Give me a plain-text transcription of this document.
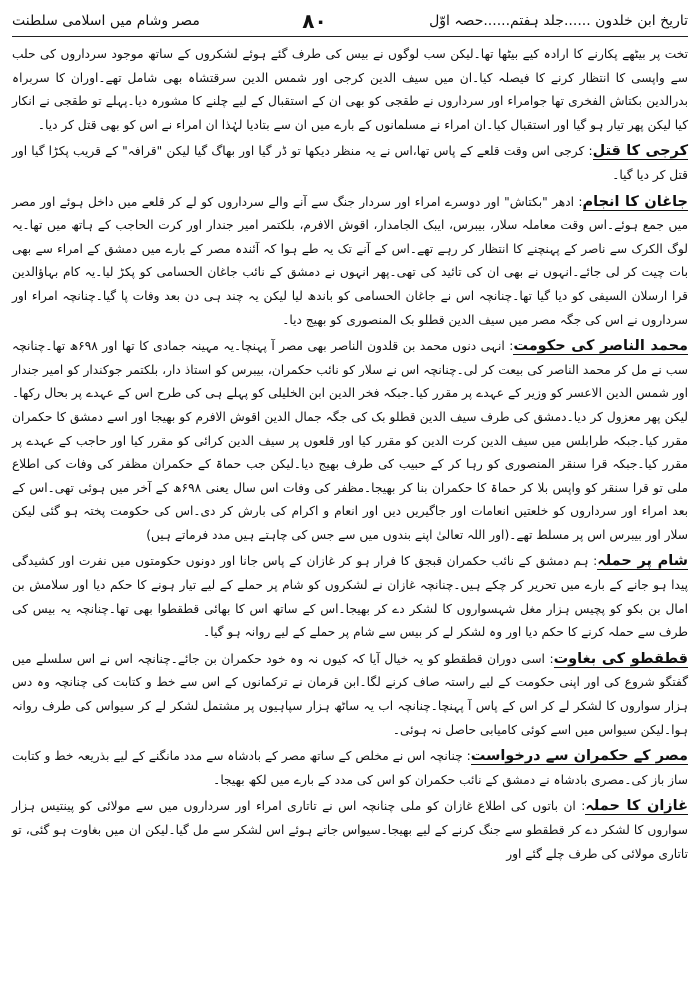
تاریخ ابن خلدون ......جلد ہفتم......حصہ اوّل
۸۰
مصر وشام میں اسلامی سلطنت

تخت پر بیٹھے پکارنے کا ارادہ کیے بیٹھا تھا۔لیکن سب لوگوں نے بیس کی طرف گئے ہوئے لشکروں کے ساتھ موجود سرداروں کی حلب سے واپسی کا انتظار کرنے کا فیصلہ کیا۔ان میں سیف الدین کرجی اور شمس الدین سرقتشاہ بھی شامل تھے۔اوران کا سربراہ بدرالدین بکتاش الفخری تھا جوامراء اور سرداروں نے طقجی کو بھی ان کے استقبال کے لیے چلنے کا مشورہ دیا۔پہلے تو طقجی نے انکار کیا لیکن پھر تیار ہو گیا اور استقبال کیا۔ان امراء نے مسلمانوں کے بارے میں ان سے بتادیا لہٰذا ان امراء نے اس کو بھی قتل کر دیا۔

کرجی کا قتل: کرجی اس وقت قلعے کے پاس تھا،اس نے یہ منظر دیکھا تو ڈر گیا اور بھاگ گیا لیکن "قرافہ" کے قریب پکڑا گیا اور قتل کر دیا گیا۔

جاغان کا انجام: ادھر "بکتاش" اور دوسرے امراء اور سردار جنگ سے آنے والے سرداروں کو لے کر قلعے میں داخل ہوئے اور مصر میں جمع ہوئے۔اس وقت معاملہ سلار، بیبرس، ایبک الجامدار، اقوش الافرم، بلکتمر امیر جندار اور کرت الحاجب کے ہاتھ میں تھا۔یہ لوگ الکرک سے ناصر کے پہنچنے کا انتظار کر رہے تھے۔اس کے آنے تک یہ طے ہوا کہ آئندہ مصر کے بارے میں دمشق کے امراء سے بھی بات چیت کر لی جائے۔انہوں نے بھی ان کی تائید کی تھی۔پھر انہوں نے دمشق کے نائب جاغان الحسامی کو پکڑ لیا۔یہ کام بہاؤالدین قرا ارسلان السیفی کو دیا گیا تھا۔چنانچہ اس نے جاغان الحسامی کو باندھ لیا لیکن یہ چند ہی دن بعد وفات پا گیا۔چنانچہ امراء اور سرداروں نے اس کی جگہ مصر میں سیف الدین قطلو بک المنصوری کو بھیج دیا۔

محمد الناصر کی حکومت: انہی دنوں محمد بن قلدون الناصر بھی مصر آ پہنچا۔یہ مہینہ جمادی کا تھا اور ۶۹۸ھ تھا۔چنانچہ سب نے مل کر محمد الناصر کی بیعت کر لی۔چنانچہ اس نے سلار کو نائب حکمران، بیبرس کو استاذ دار، بلکتمر جوکندار کو امیر جندار اور شمس الدین الاعسر کو وزیر کے عہدے پر مقرر کیا۔جبکہ فخر الدین ابن الخلیلی کو پہلے ہی کی طرح اس کے عہدے پر بحال رکھا۔لیکن پھر معزول کر دیا۔دمشق کی طرف سیف الدین قطلو بک کی جگہ جمال الدین اقوش الافرم کو بھیجا اور اسے دمشق کا حکمران مقرر کیا۔جبکہ طرابلس میں سیف الدین کرت الدین کو مقرر کیا اور قلعوں پر سیف الدین کرائی کو مقرر کیا اور حاجب کے عہدے پر مقرر کیا۔جبکہ قرا سنقر المنصوری کو رہا کر کے حبیب کی طرف بھیج دیا۔لیکن جب حماۃ کے حکمران مظفر کی وفات کی اطلاع ملی تو قرا سنقر کو واپس بلا کر حماۃ کا حکمران بنا کر بھیجا۔مظفر کی وفات اس سال یعنی ۶۹۸ھ کے آخر میں ہوئی تھی۔اس کے بعد امراء اور سرداروں کو خلعتیں انعامات اور جاگیریں دیں اور انعام و اکرام کی بارش کر دی۔اس کی حکومت پختہ ہو گئی لیکن سلار اور بیبرس اس پر مسلط تھے۔(اور اللہ تعالیٰ اپنے بندوں میں سے جس کی چاہتے ہیں مدد فرماتے ہیں)

شام پر حملہ: ہم دمشق کے نائب حکمران قبجق کا فرار ہو کر غازان کے پاس جانا اور دونوں حکومتوں میں نفرت اور کشیدگی پیدا ہو جانے کے بارے میں تحریر کر چکے ہیں۔چنانچہ غازان نے لشکروں کو شام پر حملے کے لیے تیار ہونے کا حکم دیا اور سلامش بن امال بن بکو کو پچیس ہزار مغل شہسواروں کا لشکر دے کر بھیجا۔اس کے ساتھ اس کا بھائی قطقطوا بھی تھا۔چنانچہ یہ بیس کی طرف سے حملہ کرنے کا حکم دیا اور وہ لشکر لے کر بیس سے شام پر حملے کے لیے روانہ ہو گیا۔

قطقطو کی بغاوت: اسی دوران قطقطو کو یہ خیال آیا کہ کیوں نہ وہ خود حکمران بن جائے۔چنانچہ اس نے اس سلسلے میں گفتگو شروع کی اور اپنی حکومت کے لیے راستہ صاف کرنے لگا۔ابن قرمان نے ترکمانوں کے اس سے خط و کتابت کی چنانچہ وہ دس ہزار سواروں کا لشکر لے کر اس کے پاس آ پہنچا۔چنانچہ اب یہ ساٹھ ہزار سپاہیوں پر مشتمل لشکر لے کر سیواس کی طرف روانہ ہوا۔لیکن سیواس میں اسے کوئی کامیابی حاصل نہ ہوئی۔

مصر کے حکمران سے درخواست: چنانچہ اس نے مخلص کے ساتھ مصر کے بادشاہ سے مدد مانگنے کے لیے بذریعہ خط و کتابت ساز باز کی۔مصری بادشاہ نے دمشق کے نائب حکمران کو اس کی مدد کے بارے میں لکھ بھیجا۔

غازان کا حملہ: ان باتوں کی اطلاع غازان کو ملی چنانچہ اس نے تاتاری امراء اور سرداروں میں سے مولائی کو پینتیس ہزار سواروں کا لشکر دے کر قطقطو سے جنگ کرنے کے لیے بھیجا۔سیواس جاتے ہوئے اس لشکر سے مل گیا۔لیکن ان میں بغاوت ہو گئی، تو تاتاری مولائی کی طرف چلے گئے اور
